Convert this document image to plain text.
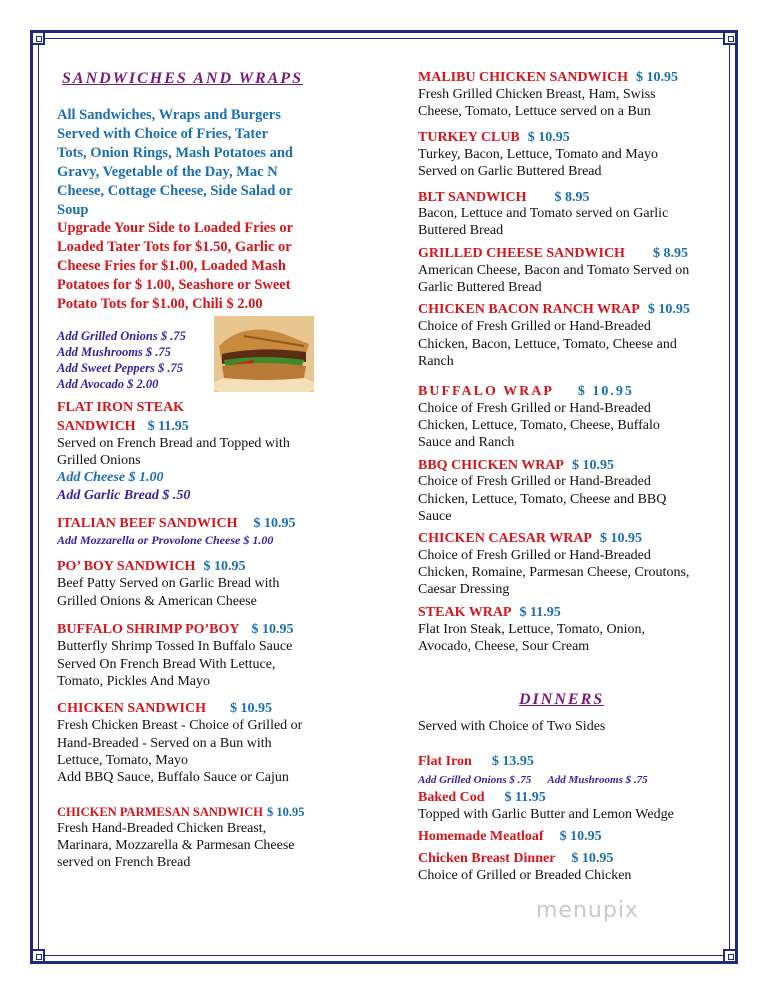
SANDWICHES AND WRAPS
All Sandwiches, Wraps and Burgers
Served with Choice of Fries, Tater
Tots, Onion Rings, Mash Potatoes and
Gravy, Vegetable of the Day, Mac N
Cheese, Cottage Cheese, Side Salad or
Soup
Upgrade Your Side to Loaded Fries or
Loaded Tater Tots for $1.50, Garlic or
Cheese Fries for $1.00, Loaded Mash
Potatoes for $ 1.00, Seashore or Sweet
Potato Tots for $1.00, Chili $ 2.00
Add Grilled Onions $ .75
Add Mushrooms $ .75
Add Sweet Peppers $ .75
Add Avocado $ 2.00
FLAT IRON STEAK
SANDWICH $ 11.95
Served on French Bread and Topped with
Grilled Onions
Add Cheese $ 1.00
Add Garlic Bread $ .50
ITALIAN BEEF SANDWICH $ 10.95
Add Mozzarella or Provolone Cheese $ 1.00
PO’ BOY SANDWICH $ 10.95
Beef Patty Served on Garlic Bread with
Grilled Onions & American Cheese
BUFFALO SHRIMP PO’BOY $ 10.95
Butterfly Shrimp Tossed In Buffalo Sauce
Served On French Bread With Lettuce,
Tomato, Pickles And Mayo
CHICKEN SANDWICH $ 10.95
Fresh Chicken Breast - Choice of Grilled or
Hand-Breaded - Served on a Bun with
Lettuce, Tomato, Mayo
Add BBQ Sauce, Buffalo Sauce or Cajun
CHICKEN PARMESAN SANDWICH $ 10.95
Fresh Hand-Breaded Chicken Breast,
Marinara, Mozzarella & Parmesan Cheese
served on French Bread
MALIBU CHICKEN SANDWICH $ 10.95
Fresh Grilled Chicken Breast, Ham, Swiss
Cheese, Tomato, Lettuce served on a Bun
TURKEY CLUB $ 10.95
Turkey, Bacon, Lettuce, Tomato and Mayo
Served on Garlic Buttered Bread
BLT SANDWICH $ 8.95
Bacon, Lettuce and Tomato served on Garlic
Buttered Bread
GRILLED CHEESE SANDWICH $ 8.95
American Cheese, Bacon and Tomato Served on
Garlic Buttered Bread
CHICKEN BACON RANCH WRAP $ 10.95
Choice of Fresh Grilled or Hand-Breaded
Chicken, Bacon, Lettuce, Tomato, Cheese and
Ranch
BUFFALO WRAP $ 10.95
Choice of Fresh Grilled or Hand-Breaded
Chicken, Lettuce, Tomato, Cheese, Buffalo
Sauce and Ranch
BBQ CHICKEN WRAP $ 10.95
Choice of Fresh Grilled or Hand-Breaded
Chicken, Lettuce, Tomato, Cheese and BBQ
Sauce
CHICKEN CAESAR WRAP $ 10.95
Choice of Fresh Grilled or Hand-Breaded
Chicken, Romaine, Parmesan Cheese, Croutons,
Caesar Dressing
STEAK WRAP $ 11.95
Flat Iron Steak, Lettuce, Tomato, Onion,
Avocado, Cheese, Sour Cream
DINNERS
Served with Choice of Two Sides
Flat Iron $ 13.95
Add Grilled Onions $ .75 Add Mushrooms $ .75
Baked Cod $ 11.95
Topped with Garlic Butter and Lemon Wedge
Homemade Meatloaf $ 10.95
Chicken Breast Dinner $ 10.95
Choice of Grilled or Breaded Chicken
menupix
